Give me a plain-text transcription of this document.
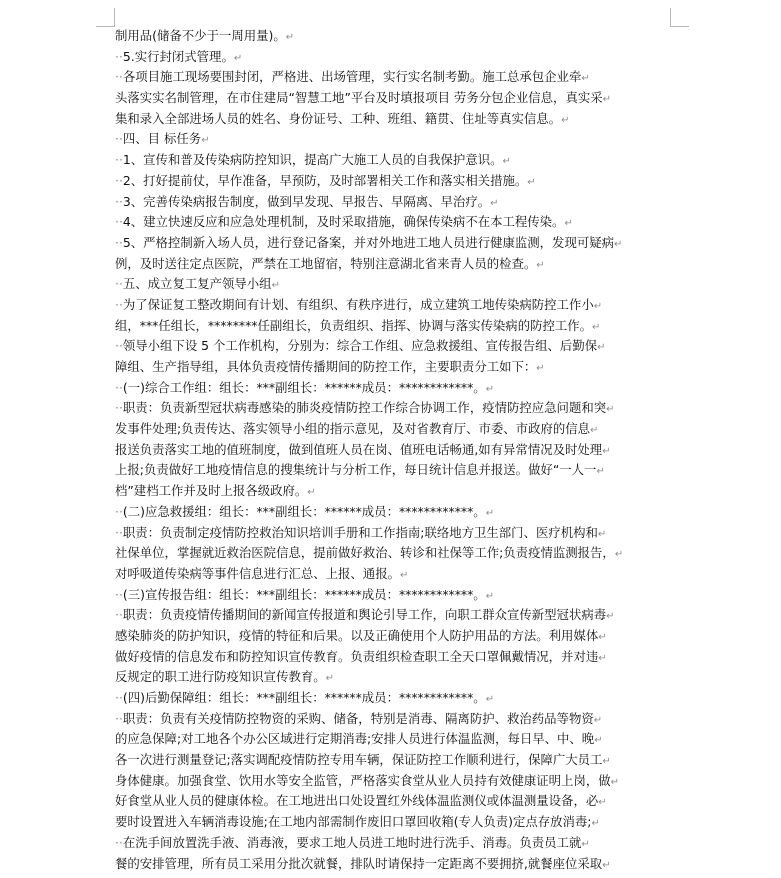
制用品(储备不少于一周用量)。↵
··5.实行封闭式管理。↵
··各项目施工现场要围封闭，严格进、出场管理，实行实名制考勤。施工总承包企业牵↵
头落实实名制管理，在市住建局“智慧工地”平台及时填报项目 劳务分包企业信息，真实采↵
集和录入全部进场人员的姓名、身份证号、工种、班组、籍贯、住址等真实信息。↵
··四、目 标任务↵
··1、宣传和普及传染病防控知识，提高广大施工人员的自我保护意识。↵
··2、打好提前仗，早作准备，早预防，及时部署相关工作和落实相关措施。↵
··3、完善传染病报告制度，做到早发现、早报告、早隔离、早治疗。↵
··4、建立快速反应和应急处理机制，及时采取措施，确保传染病不在本工程传染。↵
··5、严格控制新入场人员，进行登记备案，并对外地进工地人员进行健康监测，发现可疑病↵
例，及时送往定点医院，严禁在工地留宿，特别注意湖北省来青人员的检查。↵
··五、成立复工复产领导小组↵
··为了保证复工整改期间有计划、有组织、有秩序进行，成立建筑工地传染病防控工作小↵
组，***任组长，********任副组长，负责组织、指挥、协调与落实传染病的防控工作。↵
··领导小组下设 5 个工作机构，分别为：综合工作组、应急救援组、宣传报告组、后勤保↵
障组、生产指导组，具体负责疫情传播期间的防控工作，主要职责分工如下：↵
··(一)综合工作组：组长：***副组长：******成员：************。↵
··职责：负责新型冠状病毒感染的肺炎疫情防控工作综合协调工作，疫情防控应急问题和突↵
发事件处理;负责传达、落实领导小组的指示意见，及对省教育厅、市委、市政府的信息↵
报送负责落实工地的值班制度，做到值班人员在岗、值班电话畅通,如有异常情况及时处理↵
上报;负责做好工地疫情信息的搜集统计与分析工作，每日统计信息并报送。做好“一人一↵
档”建档工作并及时上报各级政府。↵
··(二)应急救援组：组长：***副组长：******成员：************。↵
··职责：负责制定疫情防控救治知识培训手册和工作指南;联络地方卫生部门、医疗机构和↵
社保单位，掌握就近救治医院信息，提前做好救治、转诊和社保等工作;负责疫情监测报告，↵
对呼吸道传染病等事件信息进行汇总、上报、通报。↵
··(三)宣传报告组：组长：***副组长：******成员：************。↵
··职责：负责疫情传播期间的新闻宣传报道和舆论引导工作，向职工群众宣传新型冠状病毒↵
感染肺炎的防护知识，疫情的特征和后果。以及正确使用个人防护用品的方法。利用媒体↵
做好疫情的信息发布和防控知识宣传教育。负责组织检查职工全天口罩佩戴情况，并对违↵
反规定的职工进行防疫知识宣传教育。↵
··(四)后勤保障组：组长：***副组长：******成员：************。↵
··职责：负责有关疫情防控物资的采购、储备，特别是消毒、隔离防护、救治药品等物资↵
的应急保障;对工地各个办公区域进行定期消毒;安排人员进行体温监测，每日早、中、晚↵
各一次进行测量登记;落实调配疫情防控专用车辆，保证防控工作顺利进行，保障广大员工↵
身体健康。加强食堂、饮用水等安全监管，严格落实食堂从业人员持有效健康证明上岗，做↵
好食堂从业人员的健康体检。在工地进出口处设置红外线体温监测仪或体温测量设备，必↵
要时设置进入车辆消毒设施;在工地内部需制作废旧口罩回收箱(专人负责)定点存放消毒;↵
··在洗手间放置洗手液、消毒液，要求工地人员进工地时进行洗手、消毒。负责员工就↵
餐的安排管理，所有员工采用分批次就餐，排队时请保持一定距离不要拥挤,就餐座位采取↵
